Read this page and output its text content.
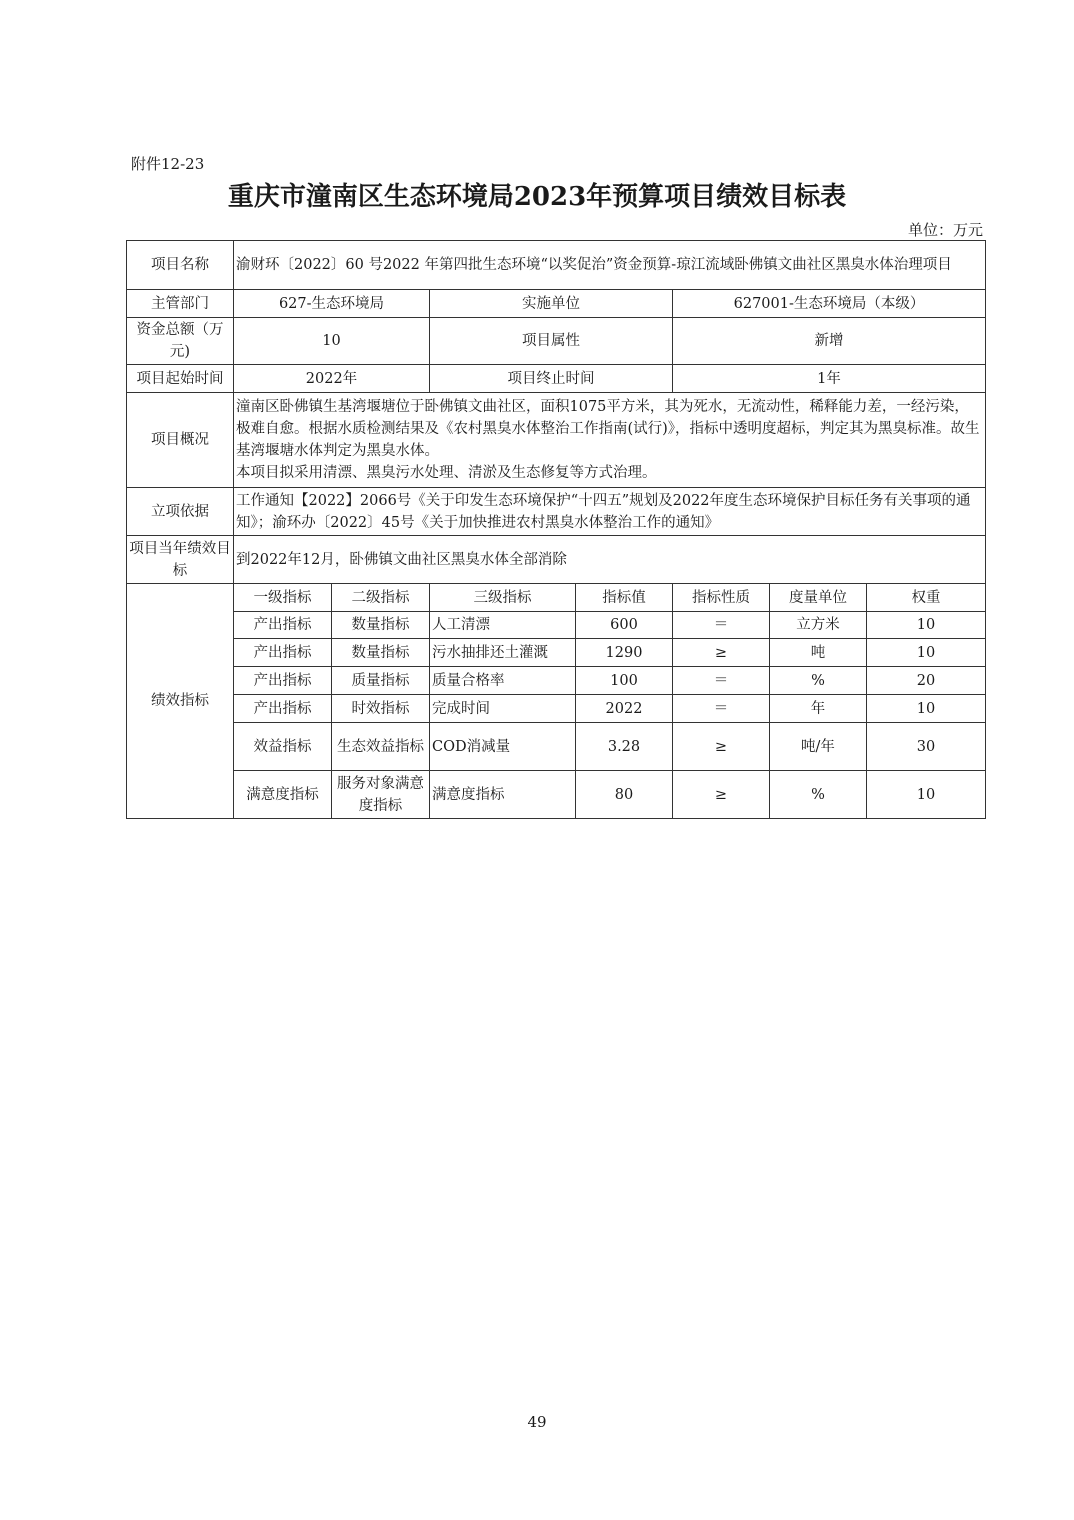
附件12-23
重庆市潼南区生态环境局2023年预算项目绩效目标表
单位：万元
项目名称	渝财环〔2022〕60 号2022 年第四批生态环境“以奖促治”资金预算-琼江流域卧佛镇文曲社区黑臭水体治理项目						
主管部门	627-生态环境局		实施单位		627001-生态环境局（本级）		
资金总额（万元)	10		项目属性		新增		
项目起始时间	2022年		项目终止时间		1年		
项目概况	潼南区卧佛镇生基湾堰塘位于卧佛镇文曲社区，面积1075平方米，其为死水，无流动性，稀释能力差，一经污染，极难自愈。根据水质检测结果及《农村黑臭水体整治工作指南(试行)》，指标中透明度超标，判定其为黑臭标准。故生基湾堰塘水体判定为黑臭水体。
本项目拟采用清漂、黑臭污水处理、清淤及生态修复等方式治理。						

立项依据	工作通知【2022】2066号《关于印发生态环境保护“十四五”规划及2022年度生态环境保护目标任务有关事项的通知》；渝环办〔2022〕45号《关于加快推进农村黑臭水体整治工作的通知》						
项目当年绩效目标	到2022年12月，卧佛镇文曲社区黑臭水体全部消除						
绩效指标	一级指标	二级指标	三级指标	指标值	指标性质	度量单位	权重
	产出指标	数量指标	人工清漂	600	＝	立方米	10
	产出指标	数量指标	污水抽排还土灌溉	1290	≥	吨	10
	产出指标	质量指标	质量合格率	100	＝	%	20
	产出指标	时效指标	完成时间	2022	＝	年	10
	效益指标	生态效益指标	COD消减量	3.28	≥	吨/年	30
	满意度指标	服务对象满意度指标	满意度指标	80	≥	%	10
49
